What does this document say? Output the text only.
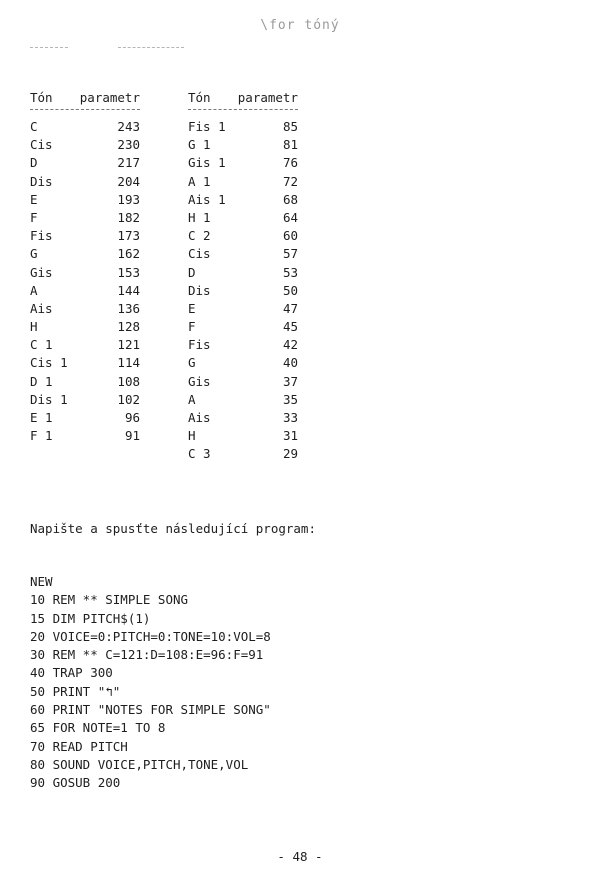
\for tóný
Tón parametr
C	243
Cis	230
D	217
Dis	204
E	193
F	182
Fis	173
G	162
Gis	153
A	144
Ais	136
H	128
C 1	121
Cis 1	114
D 1	108
Dis 1	102
E 1	96
F 1	91
Tón parametr
Fis 1	85
G 1	81
Gis 1	76
A 1	72
Ais 1	68
H 1	64
C 2	60
Cis	57
D	53
Dis	50
E	47
F	45
Fis	42
G	40
Gis	37
A	35
Ais	33
H	31
C 3	29
Napište a spusťte následující program:
NEW
10 REM ** SIMPLE SONG
15 DIM PITCH$(1)
20 VOICE=0:PITCH=0:TONE=10:VOL=8
30 REM ** C=121:D=108:E=96:F=91
40 TRAP 300
50 PRINT "↰"
60 PRINT "NOTES FOR SIMPLE SONG"
65 FOR NOTE=1 TO 8
70 READ PITCH
80 SOUND VOICE,PITCH,TONE,VOL
90 GOSUB 200
- 48 -
